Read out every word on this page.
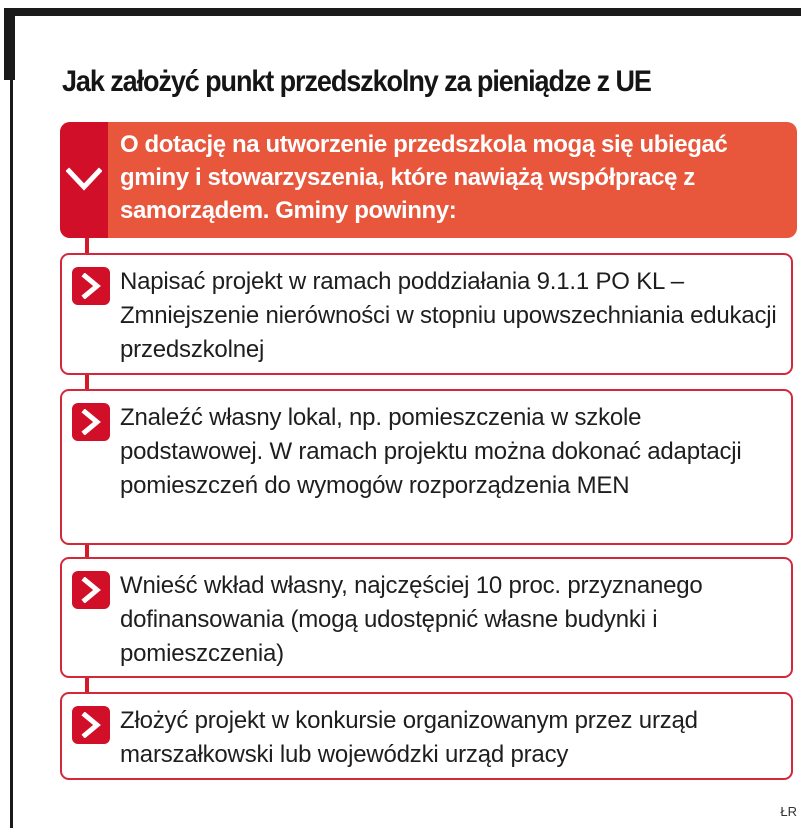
Jak założyć punkt przedszkolny za pieniądze z UE
O dotację na utworzenie przedszkola mogą się ubiegać gminy i stowarzyszenia, które nawiążą współpracę z samorządem. Gminy powinny:
Napisać projekt w ramach poddziałania 9.1.1 PO KL – Zmniejszenie nierówności w stopniu upowszechniania edukacji przedszkolnej
Znaleźć własny lokal, np. pomieszczenia w szkole podstawowej. W ramach projektu można dokonać adaptacji pomieszczeń do wymogów rozporządzenia MEN
Wnieść wkład własny, najczęściej 10 proc. przyznanego dofinansowania (mogą udostępnić własne budynki i pomieszczenia)
Złożyć projekt w konkursie organizowanym przez urząd marszałkowski lub wojewódzki urząd pracy
ŁR
